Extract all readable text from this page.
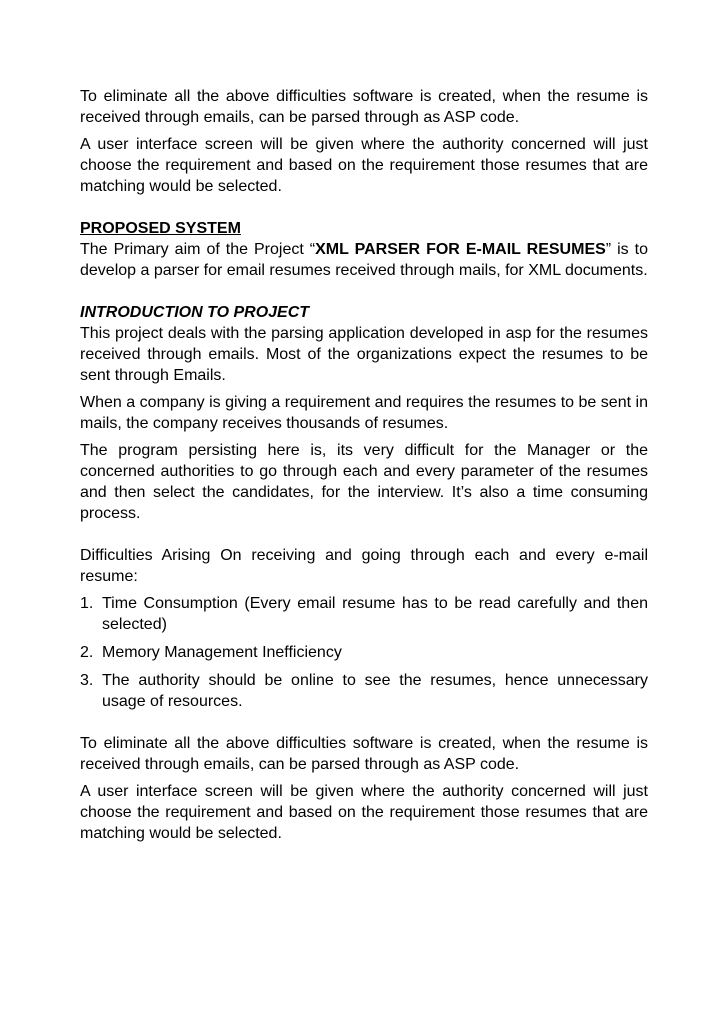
To eliminate all the above difficulties software is created, when the resume is received through emails, can be parsed through as ASP code.

A user interface screen will be given where the authority concerned will just choose the requirement and based on the requirement those resumes that are matching would be selected.

PROPOSED SYSTEM

The Primary aim of the Project “XML PARSER FOR E-MAIL RESUMES” is to develop a parser for email resumes received through mails, for XML documents.

INTRODUCTION TO PROJECT

This project deals with the parsing application developed in asp for the resumes received through emails. Most of the organizations expect the resumes to be sent through Emails.

When a company is giving a requirement and requires the resumes to be sent in mails, the company receives thousands of resumes.

The program persisting here is, its very difficult for the Manager or the concerned authorities to go through each and every parameter of the resumes and then select the candidates, for the interview. It’s also a time consuming process.

Difficulties Arising On receiving and going through each and every e-mail resume:

1. Time Consumption (Every email resume has to be read carefully and then selected)
2. Memory Management Inefficiency
3. The authority should be online to see the resumes, hence unnecessary usage of resources.

To eliminate all the above difficulties software is created, when the resume is received through emails, can be parsed through as ASP code.

A user interface screen will be given where the authority concerned will just choose the requirement and based on the requirement those resumes that are matching would be selected.
